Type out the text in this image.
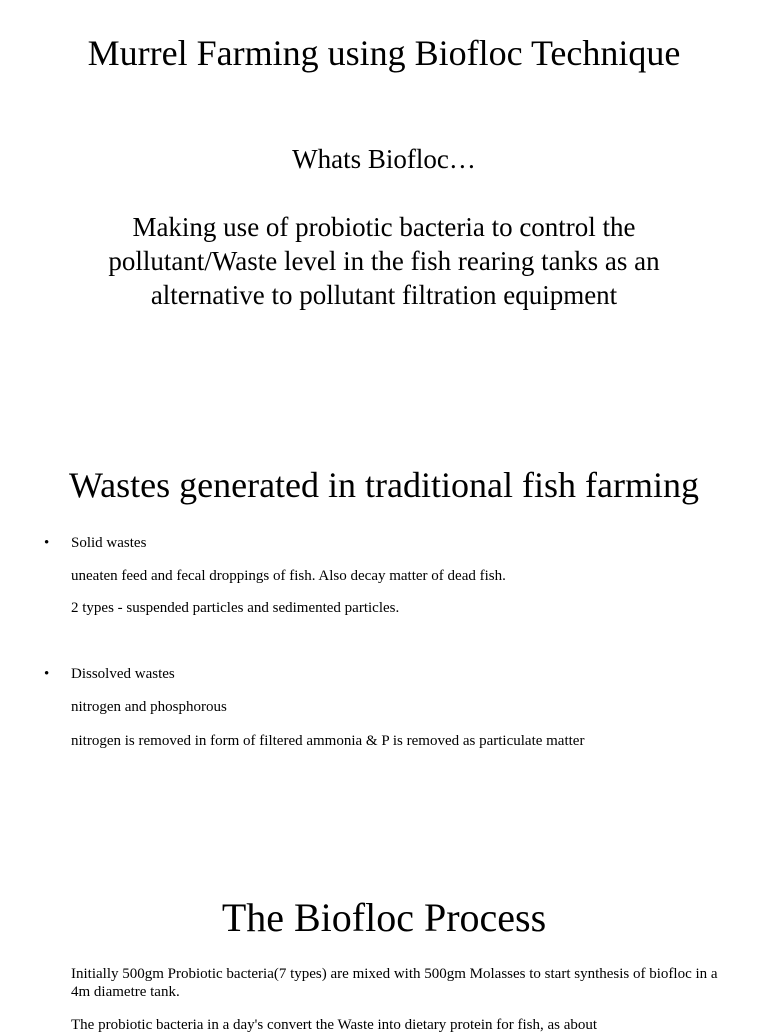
Murrel Farming using Biofloc Technique
Whats Biofloc…
Making use of probiotic bacteria to control the
pollutant/Waste level in the fish rearing tanks as an
alternative to pollutant filtration equipment
Wastes generated in traditional fish farming
• Solid wastes
uneaten feed and fecal droppings of fish. Also decay matter of dead fish.
2 types - suspended particles and sedimented particles.
• Dissolved wastes
nitrogen and phosphorous
nitrogen is removed in form of filtered ammonia & P is removed as particulate matter
The Biofloc Process
Initially 500gm Probiotic bacteria(7 types) are mixed with 500gm Molasses to start synthesis of biofloc in a 4m diametre tank.
The probiotic bacteria in a day's convert the Waste into dietary protein for fish, as about
